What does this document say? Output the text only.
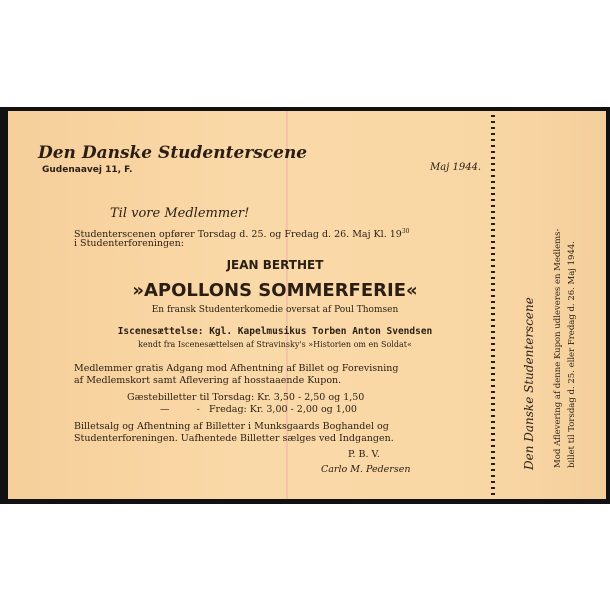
Den Danske Studenterscene
Gudenaavej 11, F.	Maj 1944.
Til vore Medlemmer!
Studenterscenen opfører Torsdag d. 25. og Fredag d. 26. Maj Kl. $19^{30}$
i Studenterforeningen:
JEAN BERTHET
»APOLLONS SOMMERFERIE«
En fransk Studenterkomedie oversat af Poul Thomsen
Iscenesættelse: Kgl. Kapelmusikus Torben Anton Svendsen
kendt fra Iscenesættelsen af Stravinsky's »Historien om en Soldat«
Medlemmer gratis Adgang mod Afhentning af Billet og Forevisning
af Medlemskort samt Aflevering af hosstaaende Kupon.
Gæstebilletter til Torsdag: Kr. 3,50 - 2,50 og 1,50
—         -   Fredag: Kr. 3,00 - 2,00 og 1,00
Billetsalg og Afhentning af Billetter i Munksgaards Boghandel og
Studenterforeningen. Uafhentede Billetter sælges ved Indgangen.
P. B. V.
Carlo M. Pedersen	Den Danske Studenterscene Mod Aflevering af denne Kupon udleveres en Medlems- billet til Torsdag d. 25. eller Fredag d. 26. Maj 1944.
